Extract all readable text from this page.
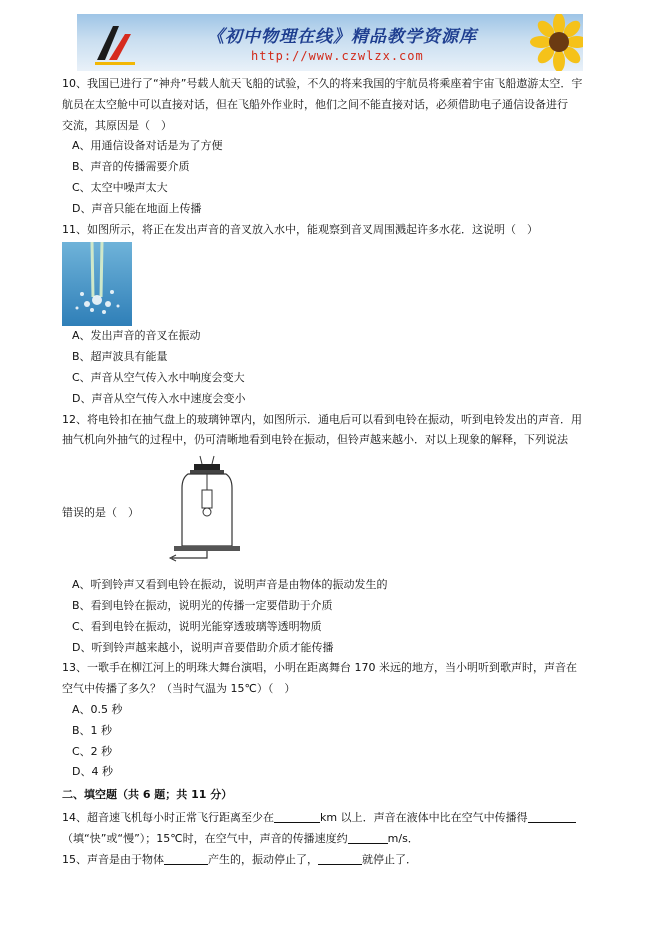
《初中物理在线》精品教学资源库
http://www.czwlzx.com

10、我国已进行了“神舟”号载人航天飞船的试验，不久的将来我国的宇航员将乘座着宇宙飞船遨游太空．宇

航员在太空舱中可以直接对话，但在飞船外作业时，他们之间不能直接对话，必须借助电子通信设备进行

交流，其原因是（　）

A、用通信设备对话是为了方便

B、声音的传播需要介质

C、太空中噪声太大

D、声音只能在地面上传播

11、如图所示，将正在发出声音的音叉放入水中，能观察到音叉周围溅起许多水花．这说明（　）

A、发出声音的音叉在振动

B、超声波具有能量

C、声音从空气传入水中响度会变大

D、声音从空气传入水中速度会变小

12、将电铃扣在抽气盘上的玻璃钟罩内，如图所示．通电后可以看到电铃在振动，听到电铃发出的声音．用

抽气机向外抽气的过程中，仍可清晰地看到电铃在振动，但铃声越来越小．对以上现象的解释，下列说法

错误的是（　）

A、听到铃声又看到电铃在振动，说明声音是由物体的振动发生的

B、看到电铃在振动，说明光的传播一定要借助于介质

C、看到电铃在振动，说明光能穿透玻璃等透明物质

D、听到铃声越来越小，说明声音要借助介质才能传播

13、一歌手在柳江河上的明珠大舞台演唱，小明在距离舞台 170 米远的地方，当小明听到歌声时，声音在

空气中传播了多久？（当时气温为 15℃）（　）

A、0.5 秒

B、1 秒

C、2 秒

D、4 秒

二、填空题（共 6 题；共 11 分）

14、超音速飞机每小时正常飞行距离至少在	km 以上．声音在液体中比在空气中传播得

（填“快”或“慢”）；15℃时，在空气中，声音的传播速度约	m/s．

15、声音是由于物体	产生的，振动停止了，	就停止了．
